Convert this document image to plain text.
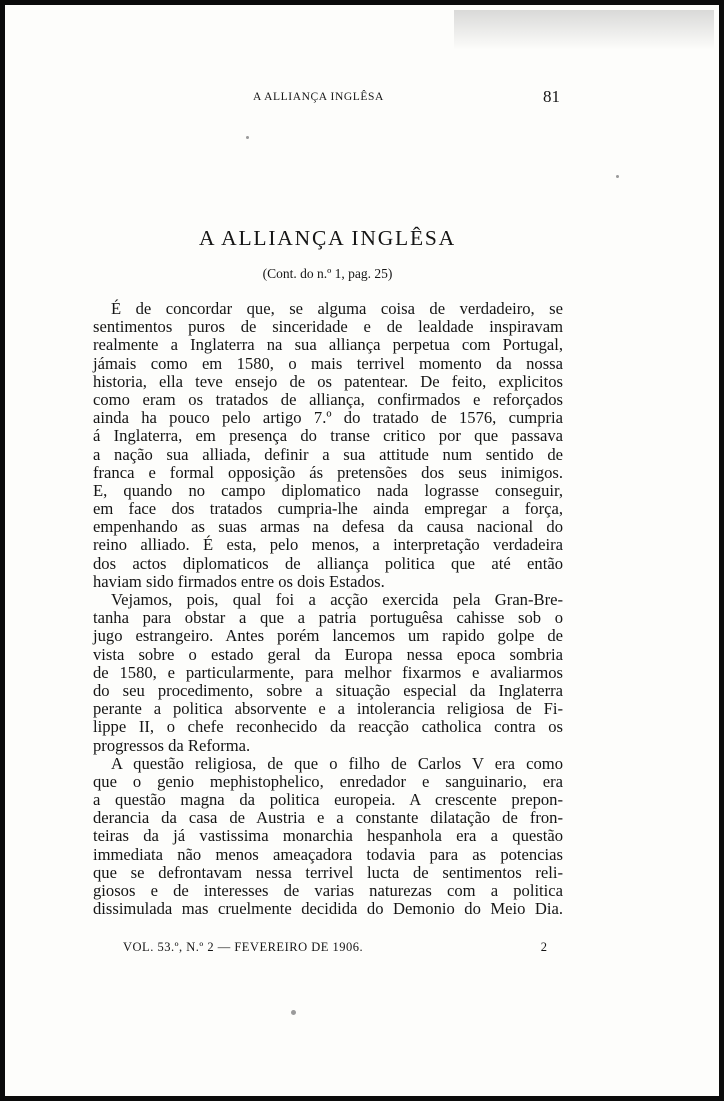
A ALLIANÇA INGLÊSA	81
A ALLIANÇA INGLÊSA
(Cont. do n.º 1, pag. 25)
É de concordar que, se alguma coisa de verdadeiro, se
sentimentos puros de sinceridade e de lealdade inspiravam
realmente a Inglaterra na sua alliança perpetua com Portugal,
jámais como em 1580, o mais terrivel momento da nossa
historia, ella teve ensejo de os patentear. De feito, explicitos
como eram os tratados de alliança, confirmados e reforçados
ainda ha pouco pelo artigo 7.º do tratado de 1576, cumpria
á Inglaterra, em presença do transe critico por que passava
a nação sua alliada, definir a sua attitude num sentido de
franca e formal opposição ás pretensões dos seus inimigos.
E, quando no campo diplomatico nada lograsse conseguir,
em face dos tratados cumpria-lhe ainda empregar a força,
empenhando as suas armas na defesa da causa nacional do
reino alliado. É esta, pelo menos, a interpretação verdadeira
dos actos diplomaticos de alliança politica que até então
haviam sido firmados entre os dois Estados.
Vejamos, pois, qual foi a acção exercida pela Gran-Bre-
tanha para obstar a que a patria portuguêsa cahisse sob o
jugo estrangeiro. Antes porém lancemos um rapido golpe de
vista sobre o estado geral da Europa nessa epoca sombria
de 1580, e particularmente, para melhor fixarmos e avaliarmos
do seu procedimento, sobre a situação especial da Inglaterra
perante a politica absorvente e a intolerancia religiosa de Fi-
lippe II, o chefe reconhecido da reacção catholica contra os
progressos da Reforma.
A questão religiosa, de que o filho de Carlos V era como
que o genio mephistophelico, enredador e sanguinario, era
a questão magna da politica europeia. A crescente prepon-
derancia da casa de Austria e a constante dilatação de fron-
teiras da já vastissima monarchia hespanhola era a questão
immediata não menos ameaçadora todavia para as potencias
que se defrontavam nessa terrivel lucta de sentimentos reli-
giosos e de interesses de varias naturezas com a politica
dissimulada mas cruelmente decidida do Demonio do Meio Dia.
VOL. 53.º, N.º 2 — FEVEREIRO DE 1906.	2
